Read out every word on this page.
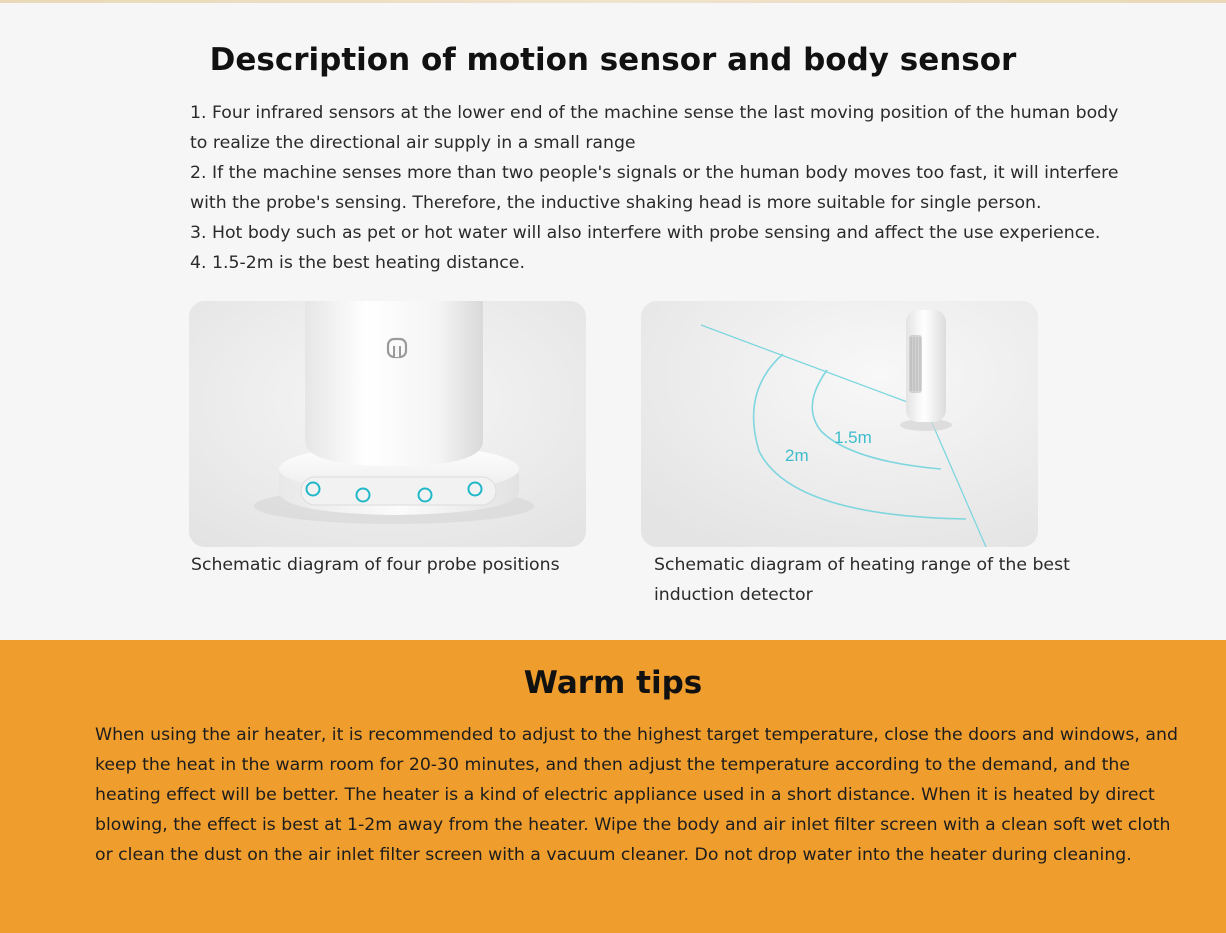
Description of motion sensor and body sensor

1. Four infrared sensors at the lower end of the machine sense the last moving position of the human body to realize the directional air supply in a small range

2. If the machine senses more than two people's signals or the human body moves too fast, it will interfere with the probe's sensing. Therefore, the inductive shaking head is more suitable for single person.

3. Hot body such as pet or hot water will also interfere with probe sensing and affect the use experience.

4. 1.5-2m is the best heating distance.

1.5m
2m
Schematic diagram of four probe positions	Schematic diagram of heating range of the best induction detector
Warm tips

When using the air heater, it is recommended to adjust to the highest target temperature, close the doors and windows, and keep the heat in the warm room for 20-30 minutes, and then adjust the temperature according to the demand, and the heating effect will be better. The heater is a kind of electric appliance used in a short distance. When it is heated by direct blowing, the effect is best at 1-2m away from the heater. Wipe the body and air inlet filter screen with a clean soft wet cloth or clean the dust on the air inlet filter screen with a vacuum cleaner. Do not drop water into the heater during cleaning.
